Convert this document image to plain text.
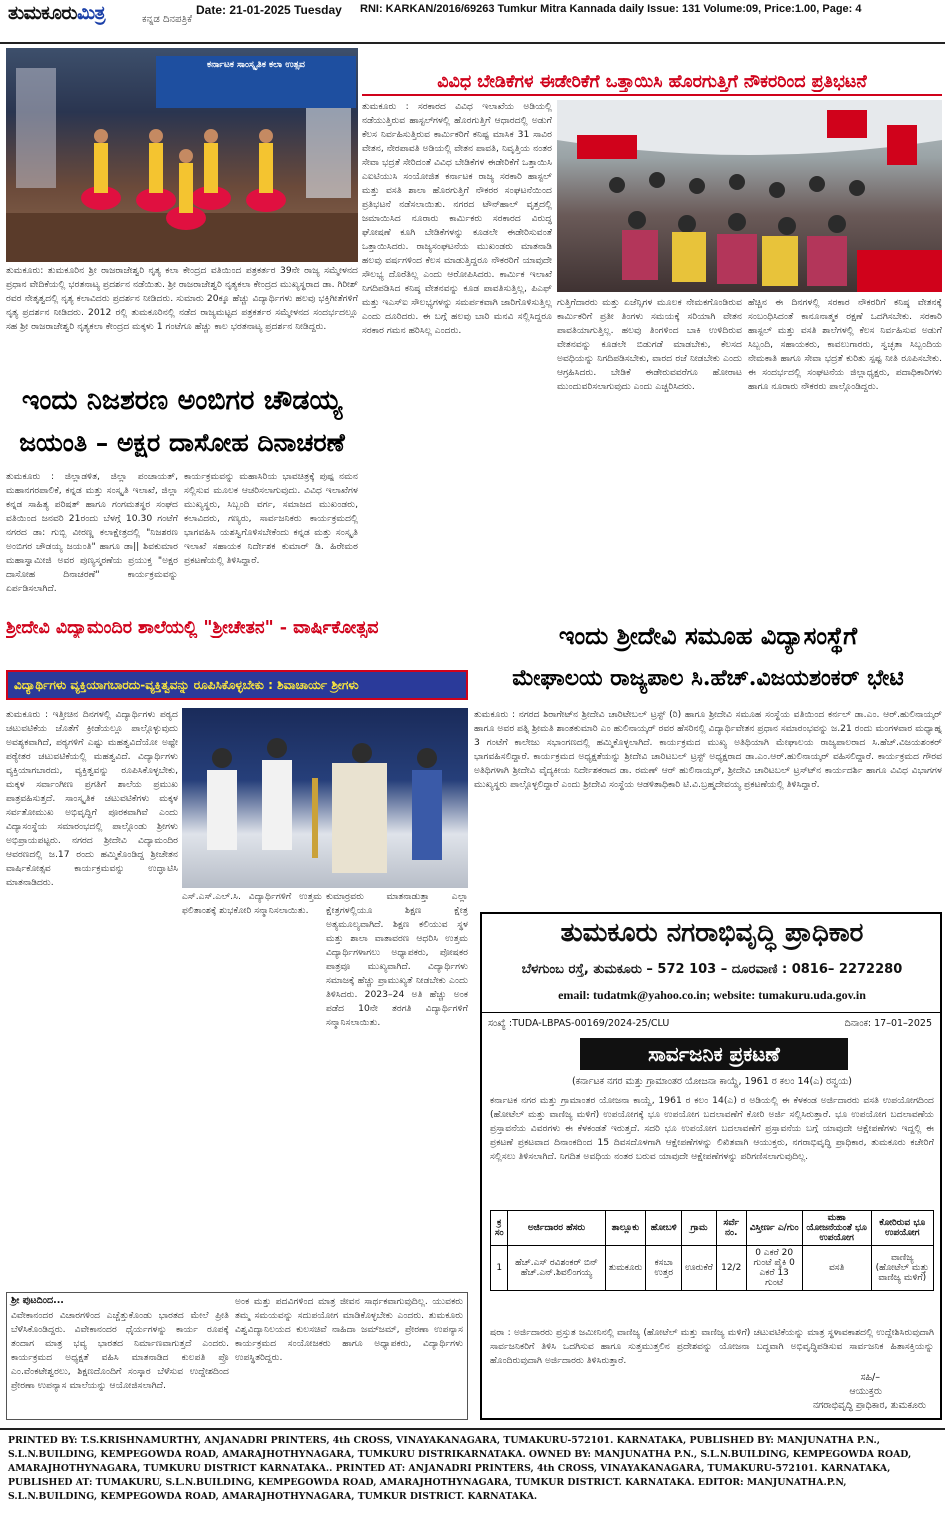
ತುಮಕೂರುಮಿತ್ರ	ಕನ್ನಡ ದಿನಪತ್ರಿಕೆ
Date: 21-01-2025 Tuesday RNI: KARKAN/2016/69263 Tumkur Mitra Kannada daily Issue: 131 Volume:09, Price:1.00, Page: 4
ಕರ್ನಾಟಕ ಸಾಂಸ್ಕೃತಿಕ ಕಲಾ ಉತ್ಸವ
ತುಮಕೂರು: ತುಮಕೂರಿನ ಶ್ರೀ ರಾಜರಾಜೇಶ್ವರಿ ನೃತ್ಯ ಕಲಾ ಕೇಂದ್ರದ ವತಿಯಿಂದ ಪತ್ರಕರ್ತರ 39ನೇ ರಾಜ್ಯ ಸಮ್ಮೇಳನದ ಪ್ರಧಾನ ವೇದಿಕೆಯಲ್ಲಿ ಭರತನಾಟ್ಯ ಪ್ರದರ್ಶನ ನಡೆಯಿತು. ಶ್ರೀ ರಾಜರಾಜೇಶ್ವರಿ ನೃತ್ಯಕಲಾ ಕೇಂದ್ರದ ಮುಖ್ಯಸ್ಥರಾದ ಡಾ. ಗಿರೀಶ್ ರವರ ನೇತೃತ್ವದಲ್ಲಿ ನೃತ್ಯ ಕಲಾವಿದರು ಪ್ರದರ್ಶನ ನೀಡಿದರು. ಸುಮಾರು 20ಕ್ಕೂ ಹೆಚ್ಚು ವಿದ್ಯಾರ್ಥಿಗಳು ಹಲವು ಭಕ್ತಿಗೀತೆಗಳಿಗೆ ನೃತ್ಯ ಪ್ರದರ್ಶನ ನೀಡಿದರು. 2012 ರಲ್ಲಿ ತುಮಕೂರಿನಲ್ಲಿ ನಡೆದ ರಾಜ್ಯಮಟ್ಟದ ಪತ್ರಕರ್ತರ ಸಮ್ಮೇಳನದ ಸಂದರ್ಭದಲ್ಲೂ ಸಹ ಶ್ರೀ ರಾಜರಾಜೇಶ್ವರಿ ನೃತ್ಯಕಲಾ ಕೇಂದ್ರದ ಮಕ್ಕಳು 1 ಗಂಟೆಗೂ ಹೆಚ್ಚು ಕಾಲ ಭರತನಾಟ್ಯ ಪ್ರದರ್ಶನ ನೀಡಿದ್ದರು.
ವಿವಿಧ ಬೇಡಿಕೆಗಳ ಈಡೇರಿಕೆಗೆ ಒತ್ತಾಯಿಸಿ ಹೊರಗುತ್ತಿಗೆ ನೌಕರರಿಂದ ಪ್ರತಿಭಟನೆ
ತುಮಕೂರು : ಸರಕಾರದ ವಿವಿಧ ಇಲಾಖೆಯ ಅಡಿಯಲ್ಲಿ ನಡೆಯುತ್ತಿರುವ ಹಾಸ್ಟಲ್‍ಗಳಲ್ಲಿ ಹೊರಗುತ್ತಿಗೆ ಆಧಾರದಲ್ಲಿ ಅಡುಗೆ ಕೆಲಸ ನಿರ್ವಹಿಸುತ್ತಿರುವ ಕಾರ್ಮಿಕರಿಗೆ ಕನಿಷ್ಟ ಮಾಸಿಕ 31 ಸಾವಿರ ವೇತನ, ನೇರಪಾವತಿ ಅಡಿಯಲ್ಲಿ ವೇತನ ಪಾವತಿ, ನಿವೃತ್ತಿಯ ನಂತರ ಸೇವಾ ಭದ್ರತೆ ಸೇರಿದಂತೆ ವಿವಿಧ ಬೇಡಿಕೆಗಳ ಈಡೇರಿಕೆಗೆ ಒತ್ತಾಯಿಸಿ ಎಐಟಿಯುಸಿ ಸಂಯೋಜಿತ ಕರ್ನಾಟಕ ರಾಜ್ಯ ಸರಕಾರಿ ಹಾಸ್ಟಲ್ ಮತ್ತು ವಸತಿ ಶಾಲಾ ಹೊರಗುತ್ತಿಗೆ ನೌಕರರ ಸಂಘಟನೆಯಿಂದ ಪ್ರತಿಭಟನೆ ನಡೆಸಲಾಯಿತು. ನಗರದ ಟೌನ್‍ಹಾಲ್ ವೃತ್ತದಲ್ಲಿ ಜಮಾಯಿಸಿದ ನೂರಾರು ಕಾರ್ಮಿಕರು ಸರಕಾರದ ವಿರುದ್ಧ ಘೋಷಣೆ ಕೂಗಿ ಬೇಡಿಕೆಗಳನ್ನು ಕೂಡಲೇ ಈಡೇರಿಸುವಂತೆ ಒತ್ತಾಯಿಸಿದರು. ರಾಜ್ಯಸಂಘಟನೆಯ ಮುಖಂಡರು ಮಾತನಾಡಿ ಹಲವು ವರ್ಷಗಳಿಂದ ಕೆಲಸ ಮಾಡುತ್ತಿದ್ದರೂ ನೌಕರರಿಗೆ ಯಾವುದೇ ಸೌಲಭ್ಯ ದೊರೆತಿಲ್ಲ ಎಂದು ಆರೋಪಿಸಿದರು. ಕಾರ್ಮಿಕ ಇಲಾಖೆ ನಿಗದಿಪಡಿಸಿದ ಕನಿಷ್ಠ ವೇತನವನ್ನು ಕೂಡ ಪಾವತಿಸುತ್ತಿಲ್ಲ, ಪಿಎಫ್ ಮತ್ತು ಇಎಸ್‍ಐ ಸೌಲಭ್ಯಗಳನ್ನು ಸಮರ್ಪಕವಾಗಿ ಜಾರಿಗೊಳಿಸುತ್ತಿಲ್ಲ ಎಂದು ದೂರಿದರು. ಈ ಬಗ್ಗೆ ಹಲವು ಬಾರಿ ಮನವಿ ಸಲ್ಲಿಸಿದ್ದರೂ ಸರಕಾರ ಗಮನ ಹರಿಸಿಲ್ಲ ಎಂದರು.
ಗುತ್ತಿಗೆದಾರರು ಮತ್ತು ಏಜೆನ್ಸಿಗಳ ಮೂಲಕ ನೇಮಕಗೊಂಡಿರುವ ಕಾರ್ಮಿಕರಿಗೆ ಪ್ರತೀ ತಿಂಗಳು ಸಮಯಕ್ಕೆ ಸರಿಯಾಗಿ ವೇತನ ಪಾವತಿಯಾಗುತ್ತಿಲ್ಲ. ಹಲವು ತಿಂಗಳಿಂದ ಬಾಕಿ ಉಳಿದಿರುವ ವೇತನವನ್ನು ಕೂಡಲೇ ಬಿಡುಗಡೆ ಮಾಡಬೇಕು, ಕೆಲಸದ ಅವಧಿಯನ್ನು ನಿಗದಿಪಡಿಸಬೇಕು, ವಾರದ ರಜೆ ನೀಡಬೇಕು ಎಂದು ಆಗ್ರಹಿಸಿದರು. ಬೇಡಿಕೆ ಈಡೇರುವವರೆಗೂ ಹೋರಾಟ ಮುಂದುವರಿಸಲಾಗುವುದು ಎಂದು ಎಚ್ಚರಿಸಿದರು.
ಹೆಚ್ಚಿನ ಈ ದಿನಗಳಲ್ಲಿ ಸರಕಾರ ನೌಕರರಿಗೆ ಕನಿಷ್ಠ ವೇತನಕ್ಕೆ ಸಂಬಂಧಿಸಿದಂತೆ ಕಾನೂನಾತ್ಮಕ ರಕ್ಷಣೆ ಒದಗಿಸಬೇಕು. ಸರಕಾರಿ ಹಾಸ್ಟಲ್ ಮತ್ತು ವಸತಿ ಶಾಲೆಗಳಲ್ಲಿ ಕೆಲಸ ನಿರ್ವಹಿಸುವ ಅಡುಗೆ ಸಿಬ್ಬಂದಿ, ಸಹಾಯಕರು, ಕಾವಲುಗಾರರು, ಸ್ವಚ್ಛತಾ ಸಿಬ್ಬಂದಿಯ ನೇಮಕಾತಿ ಹಾಗೂ ಸೇವಾ ಭದ್ರತೆ ಕುರಿತು ಸ್ಪಷ್ಟ ನೀತಿ ರೂಪಿಸಬೇಕು. ಈ ಸಂದರ್ಭದಲ್ಲಿ ಸಂಘಟನೆಯ ಜಿಲ್ಲಾಧ್ಯಕ್ಷರು, ಪದಾಧಿಕಾರಿಗಳು ಹಾಗೂ ನೂರಾರು ನೌಕರರು ಪಾಲ್ಗೊಂಡಿದ್ದರು.
ಇಂದು ನಿಜಶರಣ ಅಂಬಿಗರ ಚೌಡಯ್ಯ
ಜಯಂತಿ – ಅಕ್ಷರ ದಾಸೋಹ ದಿನಾಚರಣೆ
ತುಮಕೂರು : ಜಿಲ್ಲಾಡಳಿತ, ಜಿಲ್ಲಾ ಪಂಚಾಯತ್, ಮಹಾನಗರಪಾಲಿಕೆ, ಕನ್ನಡ ಮತ್ತು ಸಂಸ್ಕೃತಿ ಇಲಾಖೆ, ಜಿಲ್ಲಾ ಕನ್ನಡ ಸಾಹಿತ್ಯ ಪರಿಷತ್ ಹಾಗೂ ಗಂಗಮತಸ್ಥರ ಸಂಘದ ವತಿಯಿಂದ ಜನವರಿ 21ರಂದು ಬೆಳಗ್ಗೆ 10.30 ಗಂಟೆಗೆ ನಗರದ ಡಾ: ಗುಬ್ಬಿ ವೀರಣ್ಣ ಕಲಾಕ್ಷೇತ್ರದಲ್ಲಿ "ನಿಜಶರಣ ಅಂಬಿಗರ ಚೌಡಯ್ಯ ಜಯಂತಿ" ಹಾಗೂ ಡಾ|| ಶಿವಕುಮಾರ ಮಹಾಸ್ವಾಮೀಜಿ ಅವರ ಪುಣ್ಯಸ್ಮರಣೆಯ ಪ್ರಯುಕ್ತ "ಅಕ್ಷರ ದಾಸೋಹ ದಿನಾಚರಣೆ" ಕಾರ್ಯಕ್ರಮವನ್ನು ಏರ್ಪಡಿಸಲಾಗಿದೆ.
ಕಾರ್ಯಕ್ರಮವನ್ನು ಮಹಾಸಿರಿಯ ಭಾವಚಿತ್ರಕ್ಕೆ ಪುಷ್ಪ ನಮನ ಸಲ್ಲಿಸುವ ಮೂಲಕ ಆಚರಿಸಲಾಗುವುದು. ವಿವಿಧ ಇಲಾಖೆಗಳ ಮುಖ್ಯಸ್ಥರು, ಸಿಬ್ಬಂದಿ ವರ್ಗ, ಸಮಾಜದ ಮುಖಂಡರು, ಕಲಾವಿದರು, ಗಣ್ಯರು, ಸಾರ್ವಜನಿಕರು ಕಾರ್ಯಕ್ರಮದಲ್ಲಿ ಭಾಗವಹಿಸಿ ಯಶಸ್ವಿಗೊಳಿಸಬೇಕೆಂದು ಕನ್ನಡ ಮತ್ತು ಸಂಸ್ಕೃತಿ ಇಲಾಖೆ ಸಹಾಯಕ ನಿರ್ದೇಶಕ ಕುಮಾರ್ ಡಿ. ಹಿರೇಮಠ ಪ್ರಕಟಣೆಯಲ್ಲಿ ತಿಳಿಸಿದ್ದಾರೆ.
ಶ್ರೀದೇವಿ ವಿದ್ಯಾಮಂದಿರ ಶಾಲೆಯಲ್ಲಿ "ಶ್ರೀಚೇತನ" - ವಾರ್ಷಿಕೋತ್ಸವ
ವಿದ್ಯಾರ್ಥಿಗಳು ವ್ಯಕ್ತಿಯಾಗಬಾರದು-ವ್ಯಕ್ತಿತ್ವವನ್ನು ರೂಪಿಸಿಕೊಳ್ಳಬೇಕು : ಶಿವಾಚಾರ್ಯ ಶ್ರೀಗಳು
ತುಮಕೂರು : ಇತ್ತೀಚಿನ ದಿನಗಳಲ್ಲಿ ವಿದ್ಯಾರ್ಥಿಗಳು ಪಠ್ಯದ ಚಟುವಟಿಕೆಯ ಜೊತೆಗೆ ಕ್ರೀಡೆಯಲ್ಲೂ ಪಾಲ್ಗೊಳ್ಳುವುದು ಅವಶ್ಯಕವಾಗಿದೆ, ಪಠ್ಯಗಳಿಗೆ ಎಷ್ಟು ಮಹತ್ವವಿದೆಯೋ ಅಷ್ಟೇ ಪಠ್ಯೇತರ ಚಟುವಟಿಕೆಯಲ್ಲಿ ಮಹತ್ವವಿದೆ. ವಿದ್ಯಾರ್ಥಿಗಳು ವ್ಯಕ್ತಿಯಾಗಬಾರದು, ವ್ಯಕ್ತಿತ್ವವನ್ನು ರೂಪಿಸಿಕೊಳ್ಳಬೇಕು, ಮಕ್ಕಳ ಸರ್ವಾಂಗೀಣ ಪ್ರಗತಿಗೆ ಶಾಲೆಯ ಪ್ರಮುಖ ಪಾತ್ರವಹಿಸುತ್ತದೆ. ಸಾಂಸ್ಕೃತಿಕ ಚಟುವಟಿಕೆಗಳು ಮಕ್ಕಳ ಸರ್ವತೋಮುಖ ಅಭಿವೃದ್ಧಿಗೆ ಪೂರಕವಾಗಿವೆ ಎಂದು ವಿದ್ಯಾಸಂಸ್ಥೆಯ ಸಮಾರಂಭದಲ್ಲಿ ಪಾಲ್ಗೊಂಡು ಶ್ರೀಗಳು ಅಭಿಪ್ರಾಯಪಟ್ಟರು. ನಗರದ ಶ್ರೀದೇವಿ ವಿದ್ಯಾಮಂದಿರ ಆವರಣದಲ್ಲಿ ಜ.17 ರಂದು ಹಮ್ಮಿಕೊಂಡಿದ್ದ ಶ್ರೀಚೇತನ ವಾರ್ಷಿಕೋತ್ಸವ ಕಾರ್ಯಕ್ರಮವನ್ನು ಉದ್ಘಾಟಿಸಿ ಮಾತನಾಡಿದರು.
ಎಸ್.ಎಸ್.ಎಲ್.ಸಿ. ವಿದ್ಯಾರ್ಥಿಗಳಿಗೆ ಉತ್ತಮ ಫಲಿತಾಂಶಕ್ಕೆ ಶುಭಕೋರಿ ಸನ್ಮಾನಿಸಲಾಯಿತು.
ಕುಮಾರ್‍ರವರು ಮಾತನಾಡುತ್ತಾ ಎಲ್ಲಾ ಕ್ಷೇತ್ರಗಳಲ್ಲಿಯೂ ಶಿಕ್ಷಣ ಕ್ಷೇತ್ರ ಅತ್ಯಮೂಲ್ಯವಾಗಿದೆ. ಶಿಕ್ಷಣ ಕಲಿಯುವ ಸ್ಥಳ ಮತ್ತು ಶಾಲಾ ವಾತಾವರಣ ಆಧರಿಸಿ ಉತ್ತಮ ವಿದ್ಯಾರ್ಥಿಗಳಾಗಲು ಅಧ್ಯಾಪಕರು, ಪೋಷಕರ ಪಾತ್ರವೂ ಮುಖ್ಯವಾಗಿದೆ. ವಿದ್ಯಾರ್ಥಿಗಳು ಸಮಾಜಕ್ಕೆ ಹೆಚ್ಚು ಪ್ರಾಮುಖ್ಯತೆ ನೀಡಬೇಕು ಎಂದು ತಿಳಿಸಿದರು. 2023–24 ಅತಿ ಹೆಚ್ಚು ಅಂಕ ಪಡೆದ 10ನೇ ತರಗತಿ ವಿದ್ಯಾರ್ಥಿಗಳಿಗೆ ಸನ್ಮಾನಿಸಲಾಯಿತು.
ಇಂದು ಶ್ರೀದೇವಿ ಸಮೂಹ ವಿದ್ಯಾಸಂಸ್ಥೆಗೆ
ಮೇಘಾಲಯ ರಾಜ್ಯಪಾಲ ಸಿ.ಹೆಚ್.ವಿಜಯಶಂಕರ್ ಭೇಟಿ
ತುಮಕೂರು : ನಗರದ ಶಿರಾಗೇಟ್‍ನ ಶ್ರೀದೇವಿ ಚಾರಿಟೇಬಲ್ ಟ್ರಸ್ಟ್ (ರಿ) ಹಾಗೂ ಶ್ರೀದೇವಿ ಸಮೂಹ ಸಂಸ್ಥೆಯ ವತಿಯಿಂದ ಕರ್ನಲ್ ಡಾ.ಎಂ. ಆರ್.ಹುಲಿನಾಯ್ಕರ್ ಹಾಗೂ ಅವರ ಪತ್ನಿ ಶ್ರೀಮತಿ ಶಾಂತಕುಮಾರಿ ಎಂ ಹುಲಿನಾಯ್ಕರ್ ರವರ ಹೆಸರಿನಲ್ಲಿ ವಿದ್ಯಾರ್ಥಿವೇತನ ಪ್ರಧಾನ ಸಮಾರಂಭವನ್ನು ಜ.21 ರಂದು ಮಂಗಳವಾರ ಮಧ್ಯಾಹ್ನ 3 ಗಂಟೆಗೆ ಕಾಲೇಜು ಸಭಾಂಗಣದಲ್ಲಿ ಹಮ್ಮಿಕೊಳ್ಳಲಾಗಿದೆ. ಕಾರ್ಯಕ್ರಮದ ಮುಖ್ಯ ಅತಿಥಿಯಾಗಿ ಮೇಘಾಲಯ ರಾಜ್ಯಪಾಲರಾದ ಸಿ.ಹೆಚ್.ವಿಜಯಶಂಕರ್ ಭಾಗವಹಿಸಲಿದ್ದಾರೆ. ಕಾರ್ಯಕ್ರಮದ ಅಧ್ಯಕ್ಷತೆಯನ್ನು ಶ್ರೀದೇವಿ ಚಾರಿಟಬಲ್ ಟ್ರಸ್ಟ್ ಅಧ್ಯಕ್ಷರಾದ ಡಾ.ಎಂ.ಆರ್.ಹುಲಿನಾಯ್ಕರ್ ವಹಿಸಲಿದ್ದಾರೆ. ಕಾರ್ಯಕ್ರಮದ ಗೌರವ ಅತಿಥಿಗಳಾಗಿ ಶ್ರೀದೇವಿ ವೈದ್ಯಕೀಯ ನಿರ್ದೇಶಕರಾದ ಡಾ. ರಮಣ್ ಆರ್ ಹುಲಿನಾಯ್ಕರ್, ಶ್ರೀದೇವಿ ಚಾರಿಟಬಲ್ ಟ್ರಸ್ಟ್‍ನ ಕಾರ್ಯದರ್ಶಿ ಹಾಗೂ ವಿವಿಧ ವಿಭಾಗಗಳ ಮುಖ್ಯಸ್ಥರು ಪಾಲ್ಗೊಳ್ಳಲಿದ್ದಾರೆ ಎಂದು ಶ್ರೀದೇವಿ ಸಂಸ್ಥೆಯ ಆಡಳಿತಾಧಿಕಾರಿ ಟಿ.ವಿ.ಬ್ರಹ್ಮದೇವಯ್ಯ ಪ್ರಕಟಣೆಯಲ್ಲಿ ತಿಳಿಸಿದ್ದಾರೆ.
ತುಮಕೂರು ನಗರಾಭಿವೃದ್ಧಿ ಪ್ರಾಧಿಕಾರ
ಬೆಳಗುಂಬ ರಸ್ತೆ, ತುಮಕೂರು – 572 103 – ದೂರವಾಣಿ : 0816– 2272280
email: tudatmk@yahoo.co.in; website: tumakuru.uda.gov.in
ಸಂಖ್ಯೆ :TUDA-LBPAS-00169/2024-25/CLU	ದಿನಾಂಕ: 17–01–2025
ಸಾರ್ವಜನಿಕ ಪ್ರಕಟಣೆ
(ಕರ್ನಾಟಕ ನಗರ ಮತ್ತು ಗ್ರಾಮಾಂತರ ಯೋಜನಾ ಕಾಯ್ದೆ, 1961 ರ ಕಲಂ 14(ಎ) ರನ್ವಯ)
ಕರ್ನಾಟಕ ನಗರ ಮತ್ತು ಗ್ರಾಮಾಂತರ ಯೋಜನಾ ಕಾಯ್ದೆ, 1961 ರ ಕಲಂ 14(ಎ) ರ ಅಡಿಯಲ್ಲಿ ಈ ಕೆಳಕಂಡ ಅರ್ಜಿದಾರರು ವಸತಿ ಉಪಯೋಗದಿಂದ (ಹೋಟೆಲ್ ಮತ್ತು ವಾಣಿಜ್ಯ ಮಳಿಗೆ) ಉಪಯೋಗಕ್ಕೆ ಭೂ ಉಪಯೋಗ ಬದಲಾವಣೆಗೆ ಕೋರಿ ಅರ್ಜಿ ಸಲ್ಲಿಸಿರುತ್ತಾರೆ. ಭೂ ಉಪಯೋಗ ಬದಲಾವಣೆಯ ಪ್ರಸ್ತಾವನೆಯ ವಿವರಗಳು ಈ ಕೆಳಕಂಡತೆ ಇರುತ್ತದೆ. ಸದರಿ ಭೂ ಉಪಯೋಗ ಬದಲಾವಣೆಗೆ ಪ್ರಸ್ತಾವನೆಯ ಬಗ್ಗೆ ಯಾವುದೇ ಆಕ್ಷೇಪಣೆಗಳು ಇದ್ದಲ್ಲಿ ಈ ಪ್ರಕಟಣೆ ಪ್ರಕಟವಾದ ದಿನಾಂಕದಿಂದ 15 ದಿವಸದೊಳಗಾಗಿ ಆಕ್ಷೇಪಣೆಗಳನ್ನು ಲಿಖಿತವಾಗಿ ಆಯುಕ್ತರು, ನಗರಾಭಿವೃದ್ಧಿ ಪ್ರಾಧಿಕಾರ, ತುಮಕೂರು ಕಚೇರಿಗೆ ಸಲ್ಲಿಸಲು ತಿಳಿಸಲಾಗಿದೆ. ನಿಗದಿತ ಅವಧಿಯ ನಂತರ ಬರುವ ಯಾವುದೇ ಆಕ್ಷೇಪಣೆಗಳನ್ನು ಪರಿಗಣಿಸಲಾಗುವುದಿಲ್ಲ.
ಕ್ರ ಸಂ	ಅರ್ಜಿದಾರರ ಹೆಸರು	ತಾಲ್ಲೂಕು	ಹೋಬಳಿ	ಗ್ರಾಮ	ಸರ್ವೆ ನಂ.	ವಿಸ್ತೀರ್ಣ ಎ/ಗುಂ	ಮಹಾ ಯೋಜನೆಯಂತೆ ಭೂ ಉಪಯೋಗ	ಕೋರಿರುವ ಭೂ ಉಪಯೋಗ
1	ಹೆಚ್.ಎಸ್ ರವಿಶಂಕರ್ ಬಿನ್ ಹೆಚ್.ಎನ್.ಶಿವಲಿಂಗಯ್ಯ	ತುಮಕೂರು	ಕಸಬಾ ಉತ್ತರ	ಊರುಕೆರೆ	12/2	0 ಎಕರೆ 20 ಗುಂಟೆ ಪೈಕಿ 0 ಎಕರೆ 13 ಗುಂಟೆ	ವಸತಿ	ವಾಣಿಜ್ಯ (ಹೋಟೆಲ್ ಮತ್ತು ವಾಣಿಜ್ಯ ಮಳಿಗೆ)
ಷರಾ : ಅರ್ಜಿದಾರರು ಪ್ರಸ್ತುತ ಜಮೀನಿನಲ್ಲಿ ವಾಣಿಜ್ಯ (ಹೋಟೆಲ್ ಮತ್ತು ವಾಣಿಜ್ಯ ಮಳಿಗೆ) ಚಟುವಟಿಕೆಯನ್ನು ಮಾತ್ರ ಸ್ಥಳಾವಕಾಶದಲ್ಲಿ ಉದ್ದೇಶಿಸಿರುವುದಾಗಿ ಸಾರ್ವಜನಿಕರಿಗೆ ತಿಳಿಸಿ ಒದಗಿಸುವ ಹಾಗೂ ಸುತ್ತಮುತ್ತಲಿನ ಪ್ರದೇಶವನ್ನು ಯೋಜನಾ ಬದ್ಧವಾಗಿ ಅಭಿವೃದ್ಧಿಪಡಿಸುವ ಸಾರ್ವಜನಿಕ ಹಿತಾಸಕ್ತಿಯನ್ನು ಹೊಂದಿರುವುದಾಗಿ ಅರ್ಜಿದಾರರು ತಿಳಿಸಿರುತ್ತಾರೆ.
ಸಹಿ/–
ಆಯುಕ್ತರು
ನಗರಾಭಿವೃದ್ಧಿ ಪ್ರಾಧಿಕಾರ, ತುಮಕೂರು
ಶ್ರೀ ಪುಟದಿಂದ...
ವಿವೇಕಾನಂದರ ವಿಚಾರಗಳಿಂದ ಎಚ್ಚೆತ್ತುಕೊಂಡು ಭಾರತದ ಮೇಲೆ ಪ್ರೀತಿ ಬೆಳೆಸಿಕೊಂಡಿದ್ದರು. ವಿವೇಕಾನಂದರ ಧೈರ್ಯಗಳನ್ನು ಕಾರ್ಯ ರೂಪಕ್ಕೆ ತಂದಾಗ ಮಾತ್ರ ಭವ್ಯ ಭಾರತದ ನಿರ್ಮಾಣವಾಗುತ್ತದೆ ಎಂದರು. ಕಾರ್ಯಕ್ರಮದ ಅಧ್ಯಕ್ಷತೆ ವಹಿಸಿ ಮಾತನಾಡಿದ ಕುಲಪತಿ ಪ್ರೊ ಎಂ.ವೆಂಕಟೇಶ್ವರಲು, ಶಿಕ್ಷಣದೊಂದಿಗೆ ಸಂಸ್ಕಾರ ಬೆಳೆಸುವ ಉದ್ದೇಶದಿಂದ ಪ್ರೇರಣಾ ಉಪನ್ಯಾಸ ಮಾಲೆಯನ್ನು ಆಯೋಜಿಸಲಾಗಿದೆ.
ಅಂಕ ಮತ್ತು ಪದವಿಗಳಿಂದ ಮಾತ್ರ ಜೀವನ ಸಾರ್ಥಕವಾಗುವುದಿಲ್ಲ. ಯುವಕರು ತಮ್ಮ ಸಮಯವನ್ನು ಸದುಪಯೋಗ ಮಾಡಿಕೊಳ್ಳಬೇಕು ಎಂದರು. ತುಮಕೂರು ವಿಶ್ವವಿದ್ಯಾನಿಲಯದ ಕುಲಸಚಿವೆ ನಾಹಿದಾ ಜಮ್‍ಜಮ್, ಪ್ರೇರಣಾ ಉಪನ್ಯಾಸ ಕಾರ್ಯಕ್ರಮದ ಸಂಯೋಜಕರು ಹಾಗೂ ಅಧ್ಯಾಪಕರು, ವಿದ್ಯಾರ್ಥಿಗಳು ಉಪಸ್ಥಿತರಿದ್ದರು.
PRINTED BY: T.S.KRISHNAMURTHY, ANJANADRI PRINTERS, 4th CROSS, VINAYAKANAGARA, TUMAKURU-572101. KARNATAKA, PUBLISHED BY: MANJUNATHA P.N., S.L.N.BUILDING, KEMPEGOWDA ROAD, AMARAJHOTHYNAGARA, TUMKURU DISTRIKARNATAKA. OWNED BY: MANJUNATHA P.N., S.L.N.BUILDING, KEMPEGOWDA ROAD, AMARAJHOTHYNAGARA, TUMKURU DISTRICT KARNATAKA.. PRINTED AT: ANJANADRI PRINTERS, 4th CROSS, VINAYAKANAGARA, TUMAKURU-572101. KARNATAKA, PUBLISHED AT: TUMAKURU, S.L.N.BUILDING, KEMPEGOWDA ROAD, AMARAJHOTHYNAGARA, TUMKUR DISTRICT. KARNATAKA. EDITOR: MANJUNATHA.P.N, S.L.N.BUILDING, KEMPEGOWDA ROAD, AMARAJHOTHYNAGARA, TUMKUR DISTRICT. KARNATAKA.
